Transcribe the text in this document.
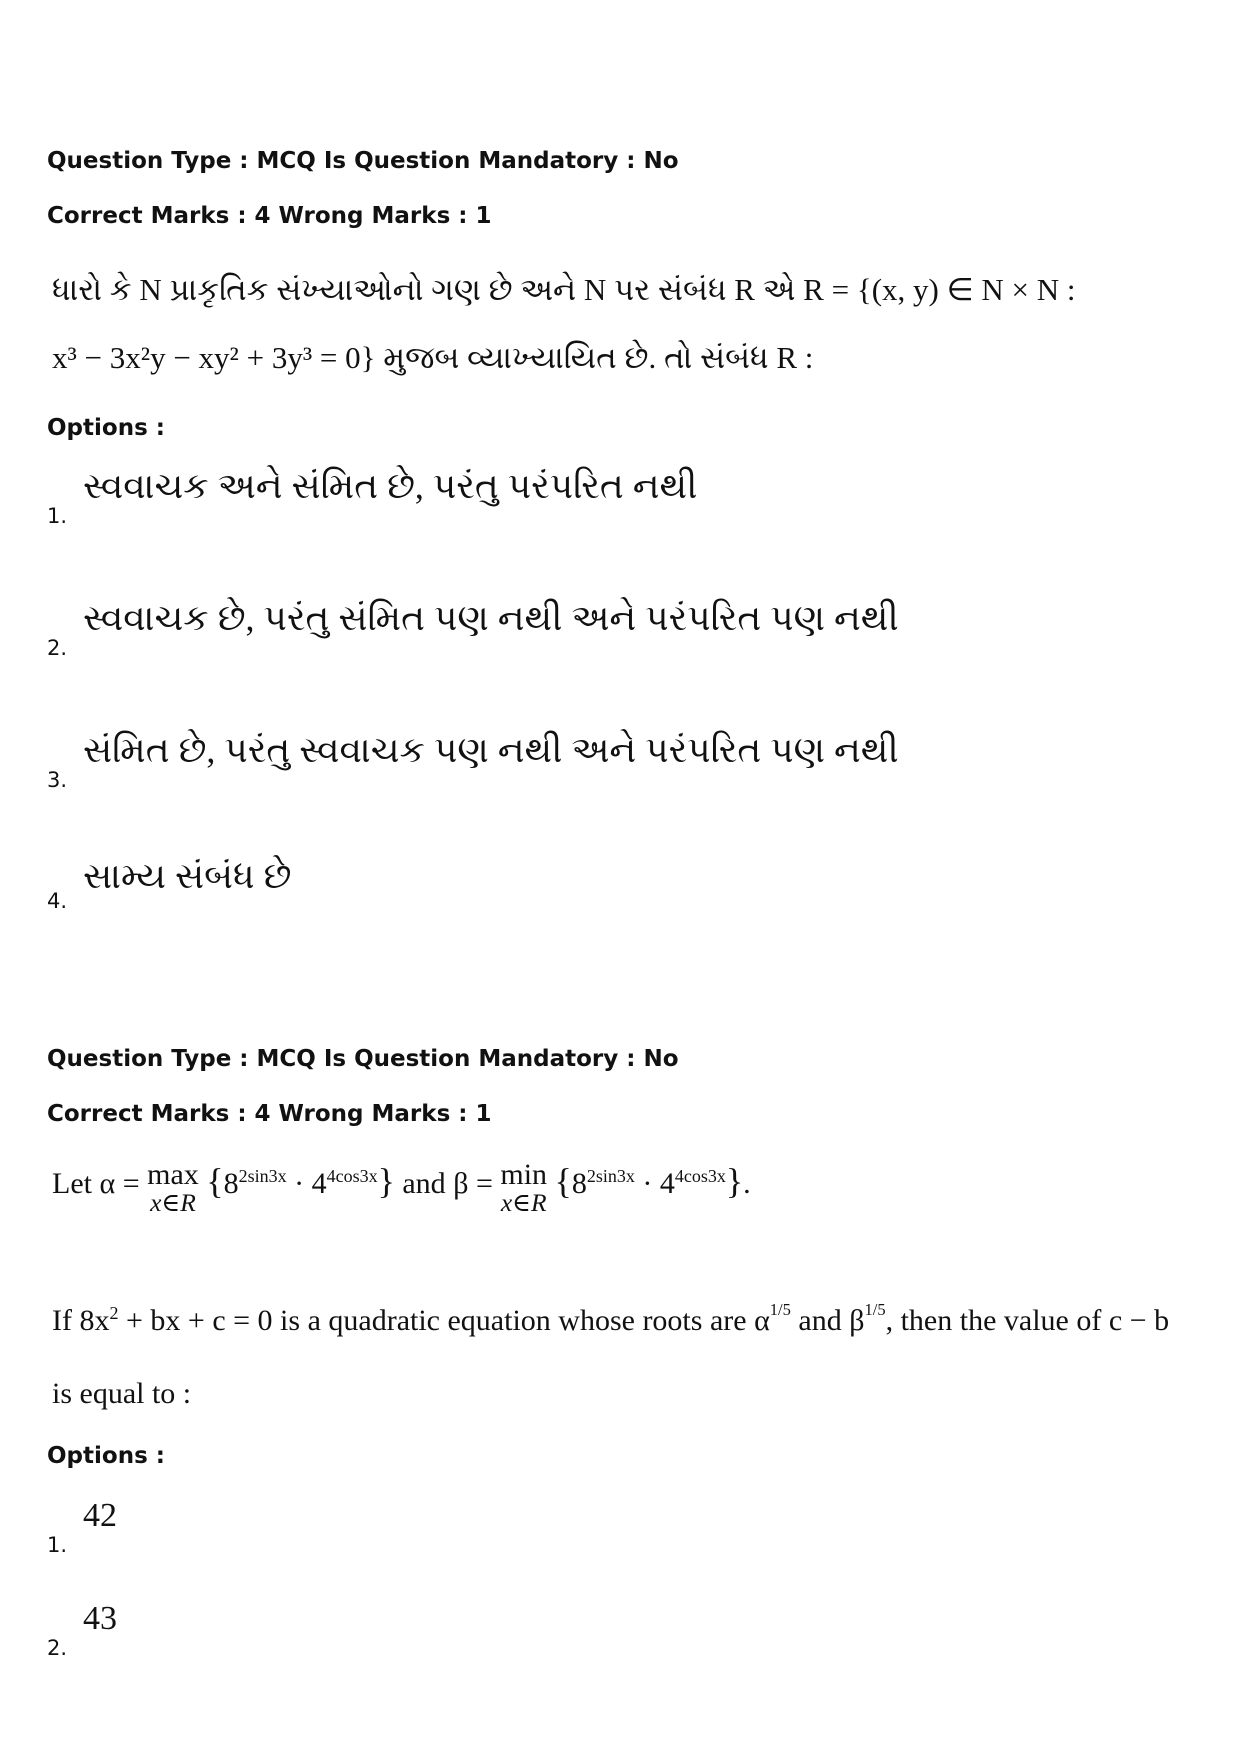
Question Type : MCQ Is Question Mandatory : No
Correct Marks : 4 Wrong Marks : 1
ધારો કે N પ્રાકૃતિક સંખ્યાઓનો ગણ છે અને N પર સંબંધ R એ R = {(x, y) ∈ N × N :
x³ − 3x²y − xy² + 3y³ = 0} મુજબ વ્યાખ્યાયિત છે. તો સંબંધ R :
Options :
1.
સ્વવાચક અને સંમિત છે, પરંતુ પરંપરિત નથી
2.
સ્વવાચક છે, પરંતુ સંમિત પણ નથી અને પરંપરિત પણ નથી
3.
સંમિત છે, પરંતુ સ્વવાચક પણ નથી અને પરંપરિત પણ નથી
4.
સામ્ય સંબંધ છે
Question Type : MCQ Is Question Mandatory : No
Correct Marks : 4 Wrong Marks : 1
Let α = max
x∈R
$\{8^{2sin3x} \cdot 4^{4cos3x}\}$ and β = min
x∈R
$\{8^{2sin3x} \cdot 4^{4cos3x}\}$.
If $8x^2$ + bx + c = 0 is a quadratic equation whose roots are $\alpha^{1/5}$ and $\beta^{1/5}$, then the value of c − b
is equal to :
Options :
1.
42
2.
43
